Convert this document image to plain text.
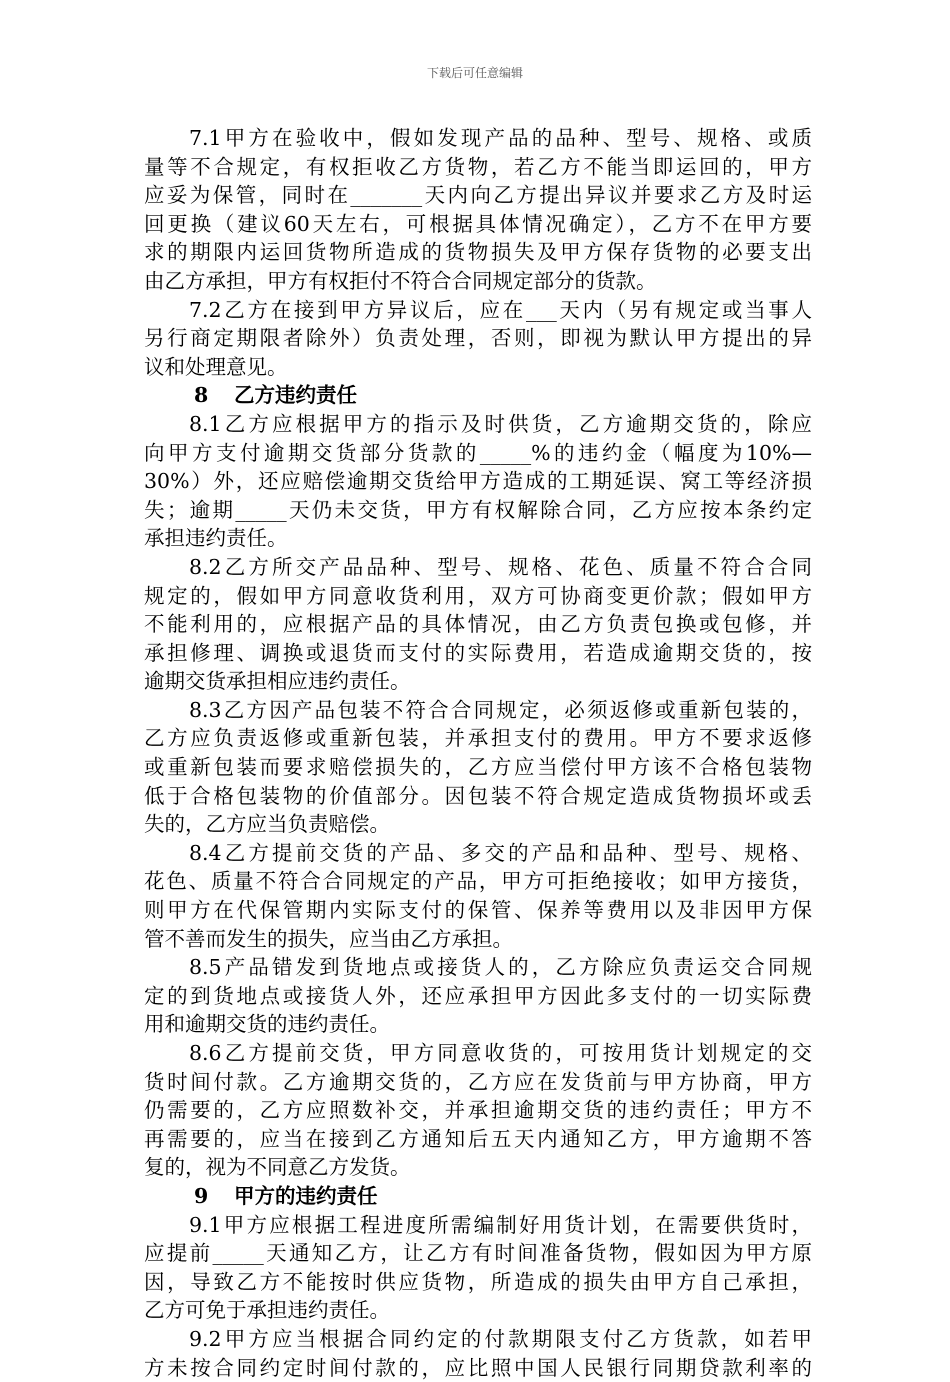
下载后可任意编辑
7.1甲方在验收中，假如发现产品的品种、型号、规格、或质
量等不合规定，有权拒收乙方货物，若乙方不能当即运回的，甲方
应妥为保管，同时在_______天内向乙方提出异议并要求乙方及时运
回更换（建议60天左右，可根据具体情况确定），乙方不在甲方要
求的期限内运回货物所造成的货物损失及甲方保存货物的必要支出
由乙方承担，甲方有权拒付不符合合同规定部分的货款。
7.2乙方在接到甲方异议后，应在___天内（另有规定或当事人
另行商定期限者除外）负责处理，否则，即视为默认甲方提出的异
议和处理意见。
8 乙方违约责任
8.1乙方应根据甲方的指示及时供货，乙方逾期交货的，除应
向甲方支付逾期交货部分货款的_____%的违约金（幅度为10%—
30%）外，还应赔偿逾期交货给甲方造成的工期延误、窝工等经济损
失；逾期_____天仍未交货，甲方有权解除合同，乙方应按本条约定
承担违约责任。
8.2乙方所交产品品种、型号、规格、花色、质量不符合合同
规定的，假如甲方同意收货利用，双方可协商变更价款；假如甲方
不能利用的，应根据产品的具体情况，由乙方负责包换或包修，并
承担修理、调换或退货而支付的实际费用，若造成逾期交货的，按
逾期交货承担相应违约责任。
8.3乙方因产品包装不符合合同规定，必须返修或重新包装的，
乙方应负责返修或重新包装，并承担支付的费用。甲方不要求返修
或重新包装而要求赔偿损失的，乙方应当偿付甲方该不合格包装物
低于合格包装物的价值部分。因包装不符合规定造成货物损坏或丢
失的，乙方应当负责赔偿。
8.4乙方提前交货的产品、多交的产品和品种、型号、规格、
花色、质量不符合合同规定的产品，甲方可拒绝接收；如甲方接货，
则甲方在代保管期内实际支付的保管、保养等费用以及非因甲方保
管不善而发生的损失，应当由乙方承担。
8.5产品错发到货地点或接货人的，乙方除应负责运交合同规
定的到货地点或接货人外，还应承担甲方因此多支付的一切实际费
用和逾期交货的违约责任。
8.6乙方提前交货，甲方同意收货的，可按用货计划规定的交
货时间付款。乙方逾期交货的，乙方应在发货前与甲方协商，甲方
仍需要的，乙方应照数补交，并承担逾期交货的违约责任；甲方不
再需要的，应当在接到乙方通知后五天内通知乙方，甲方逾期不答
复的，视为不同意乙方发货。
9 甲方的违约责任
9.1甲方应根据工程进度所需编制好用货计划，在需要供货时，
应提前_____天通知乙方，让乙方有时间准备货物，假如因为甲方原
因，导致乙方不能按时供应货物，所造成的损失由甲方自己承担，
乙方可免于承担违约责任。
9.2甲方应当根据合同约定的付款期限支付乙方货款，如若甲
方未按合同约定时间付款的，应比照中国人民银行同期贷款利率的
